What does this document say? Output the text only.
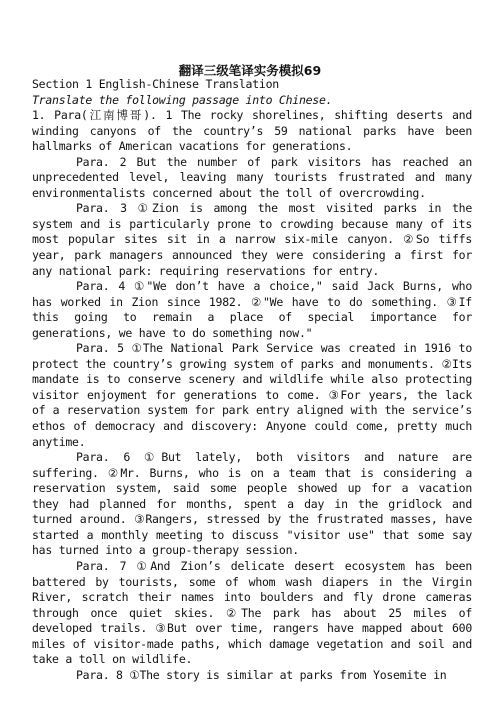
翻译三级笔译实务模拟69

Section 1 English-Chinese Translation

Translate the following passage into Chinese.

1. Para(江南博哥). 1 The rocky shorelines, shifting deserts and winding canyons of the country’s 59 national parks have been hallmarks of American vacations for generations.

Para. 2 But the number of park visitors has reached an unprecedented level, leaving many tourists frustrated and many environmentalists concerned about the toll of overcrowding.

Para. 3 ①Zion is among the most visited parks in the system and is particularly prone to crowding because many of its most popular sites sit in a narrow six-mile canyon. ②So tiffs year, park managers announced they were considering a first for any national park: requiring reservations for entry.

Para. 4 ①"We don’t have a choice," said Jack Burns, who has worked in Zion since 1982. ②"We have to do something. ③If this going to remain a place of special importance for generations, we have to do something now."

Para. 5 ①The National Park Service was created in 1916 to protect the country’s growing system of parks and monuments. ②Its mandate is to conserve scenery and wildlife while also protecting visitor enjoyment for generations to come. ③For years, the lack of a reservation system for park entry aligned with the service’s ethos of democracy and discovery: Anyone could come, pretty much anytime.

Para. 6 ①But lately, both visitors and nature are suffering. ②Mr. Burns, who is on a team that is considering a reservation system, said some people showed up for a vacation they had planned for months, spent a day in the gridlock and turned around. ③Rangers, stressed by the frustrated masses, have started a monthly meeting to discuss "visitor use" that some say has turned into a group-therapy session.

Para. 7 ①And Zion’s delicate desert ecosystem has been battered by tourists, some of whom wash diapers in the Virgin River, scratch their names into boulders and fly drone cameras through once quiet skies. ②The park has about 25 miles of developed trails. ③But over time, rangers have mapped about 600 miles of visitor-made paths, which damage vegetation and soil and take a toll on wildlife.

Para. 8 ①The story is similar at parks from Yosemite in
